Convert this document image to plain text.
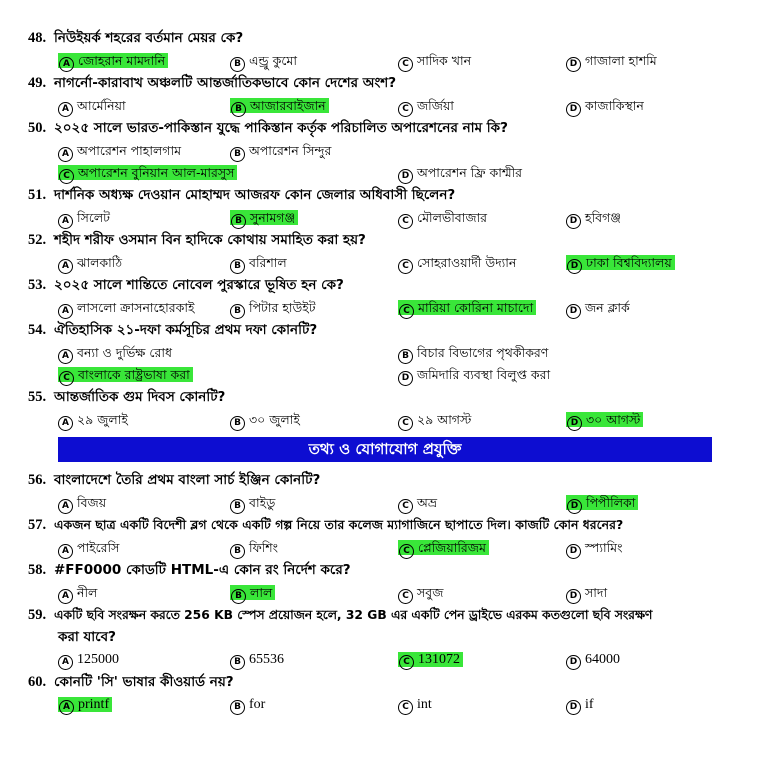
48. নিউইয়র্ক শহরের বর্তমান মেয়র কে?
A জোহরান মামদানি	B এন্ড্রু কুমো	C সাদিক খান	D গাজালা হাশমি
49. নাগর্নো-কারাবাখ অঞ্চলটি আন্তর্জাতিকভাবে কোন দেশের অংশ?
A আর্মেনিয়া	B আজারবাইজান	C জর্জিয়া	D কাজাকিস্থান
50. ২০২৫ সালে ভারত-পাকিস্তান যুদ্ধে পাকিস্তান কর্তৃক পরিচালিত অপারেশনের নাম কি?
A অপারেশন পাহালগাম	B অপারেশন সিন্দুর
C অপারেশন বুনিয়ান আল-মারসুস	D অপারেশন ফ্রি কাশ্মীর
51. দার্শনিক অধ্যক্ষ দেওয়ান মোহাম্মদ আজরফ কোন জেলার অধিবাসী ছিলেন?
A সিলেট	B সুনামগঞ্জ	C মৌলভীবাজার	D হবিগঞ্জ
52. শহীদ শরীফ ওসমান বিন হাদিকে কোথায় সমাহিত করা হয়?
A ঝালকাঠি	B বরিশাল	C সোহরাওয়ার্দী উদ্যান	D ঢাকা বিশ্ববিদ্যালয়
53. ২০২৫ সালে শান্তিতে নোবেল পুরস্কারে ভূষিত হন কে?
A লাসলো ক্রাসনাহোরকাই	B পিটার হাউইট	C মারিয়া কোরিনা মাচাদো	D জন ক্লার্ক
54. ঐতিহাসিক ২১-দফা কর্মসূচির প্রথম দফা কোনটি?
A বন্যা ও দুর্ভিক্ষ রোধ	B বিচার বিভাগের পৃথকীকরণ
C বাংলাকে রাষ্ট্রভাষা করা	D জমিদারি ব্যবস্থা বিলুপ্ত করা
55. আন্তর্জাতিক গুম দিবস কোনটি?
A ২৯ জুলাই	B ৩০ জুলাই	C ২৯ আগস্ট	D ৩০ আগস্ট
তথ্য ও যোগাযোগ প্রযুক্তি
56. বাংলাদেশে তৈরি প্রথম বাংলা সার্চ ইঞ্জিন কোনটি?
A বিজয়	B বাইডু	C অভ্র	D পিপীলিকা
57. একজন ছাত্র একটি বিদেশী ব্লগ থেকে একটি গল্প নিয়ে তার কলেজ ম্যাগাজিনে ছাপাতে দিল। কাজটি কোন ধরনের?
A পাইরেসি	B ফিশিং	C প্লেজিয়ারিজম	D স্প্যামিং
58. #FF0000 কোডটি HTML-এ কোন রং নির্দেশ করে?
A নীল	B লাল	C সবুজ	D সাদা
59. একটি ছবি সংরক্ষন করতে 256 KB স্পেস প্রয়োজন হলে, 32 GB এর একটি পেন ড্রাইভে এরকম কতগুলো ছবি সংরক্ষণ
করা যাবে?
A 125000	B 65536	C 131072	D 64000
60. কোনটি 'সি' ভাষার কীওয়ার্ড নয়?
A printf	B for	C int	D if
